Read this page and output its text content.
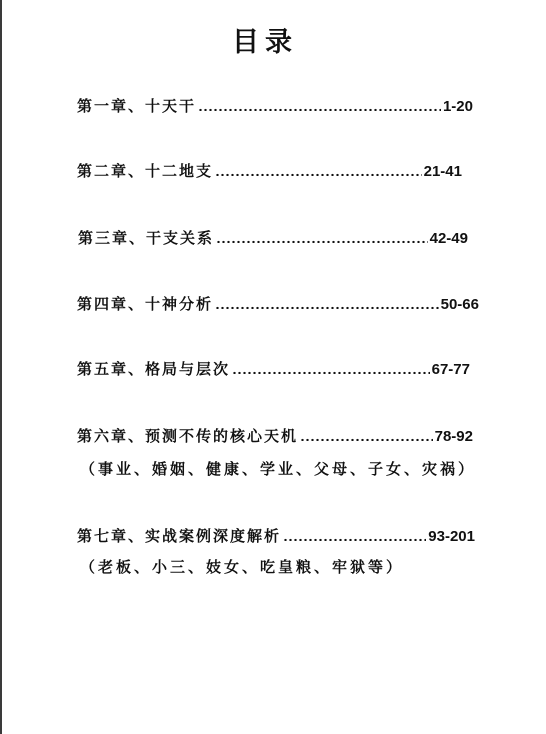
目录
第一章、十天干	1-20
第二章、十二地支	21-41
第三章、干支关系	42-49
第四章、十神分析	50-66
第五章、格局与层次	67-77
第六章、预测不传的核心天机	78-92
（事业、婚姻、健康、学业、父母、子女、灾祸）
第七章、实战案例深度解析	93-201
（老板、小三、妓女、吃皇粮、牢狱等）
